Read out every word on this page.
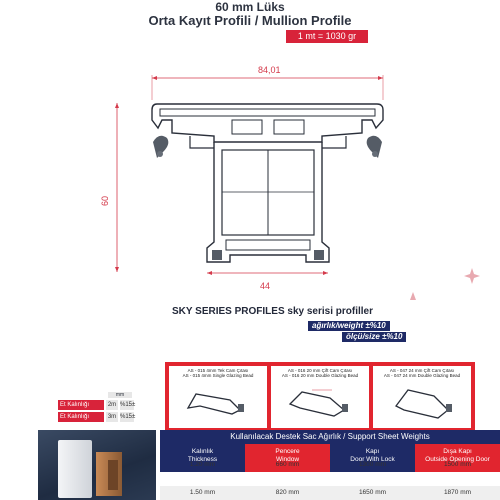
60 mm Lüks
Orta Kayıt Profili / Mullion Profile
1 mt = 1030 gr
84,01
60
44
SKY SERIES PROFILES sky serisi profiller
ağırlık/weight ±%10
ölçü/size ±%10
mm
Et Kalınlığı	2m %15±
Et Kalınlığı	3m %15±
AS - 015 4mm Tek Cam Çıtası
AS - 015 4mm Single Glazing Bead
AS - 016 20 mm Çift Cam Çıtası
AS - 016 20 mm Double Glazing Bead
AS - 047 24 mm Çift Cam Çıtası
AS - 047 24 mm Double Glazing Bead
Kullanılacak Destek Sac Ağırlık / Support Sheet Weights
Kalınlık
Thickness
Pencere
Window
Kapı
Door With Lock
Dışa Kapı
Outside Opening Door
1.20 mm	660 mm	1300 mm	1500 mm
1.50 mm	820 mm	1650 mm	1870 mm
